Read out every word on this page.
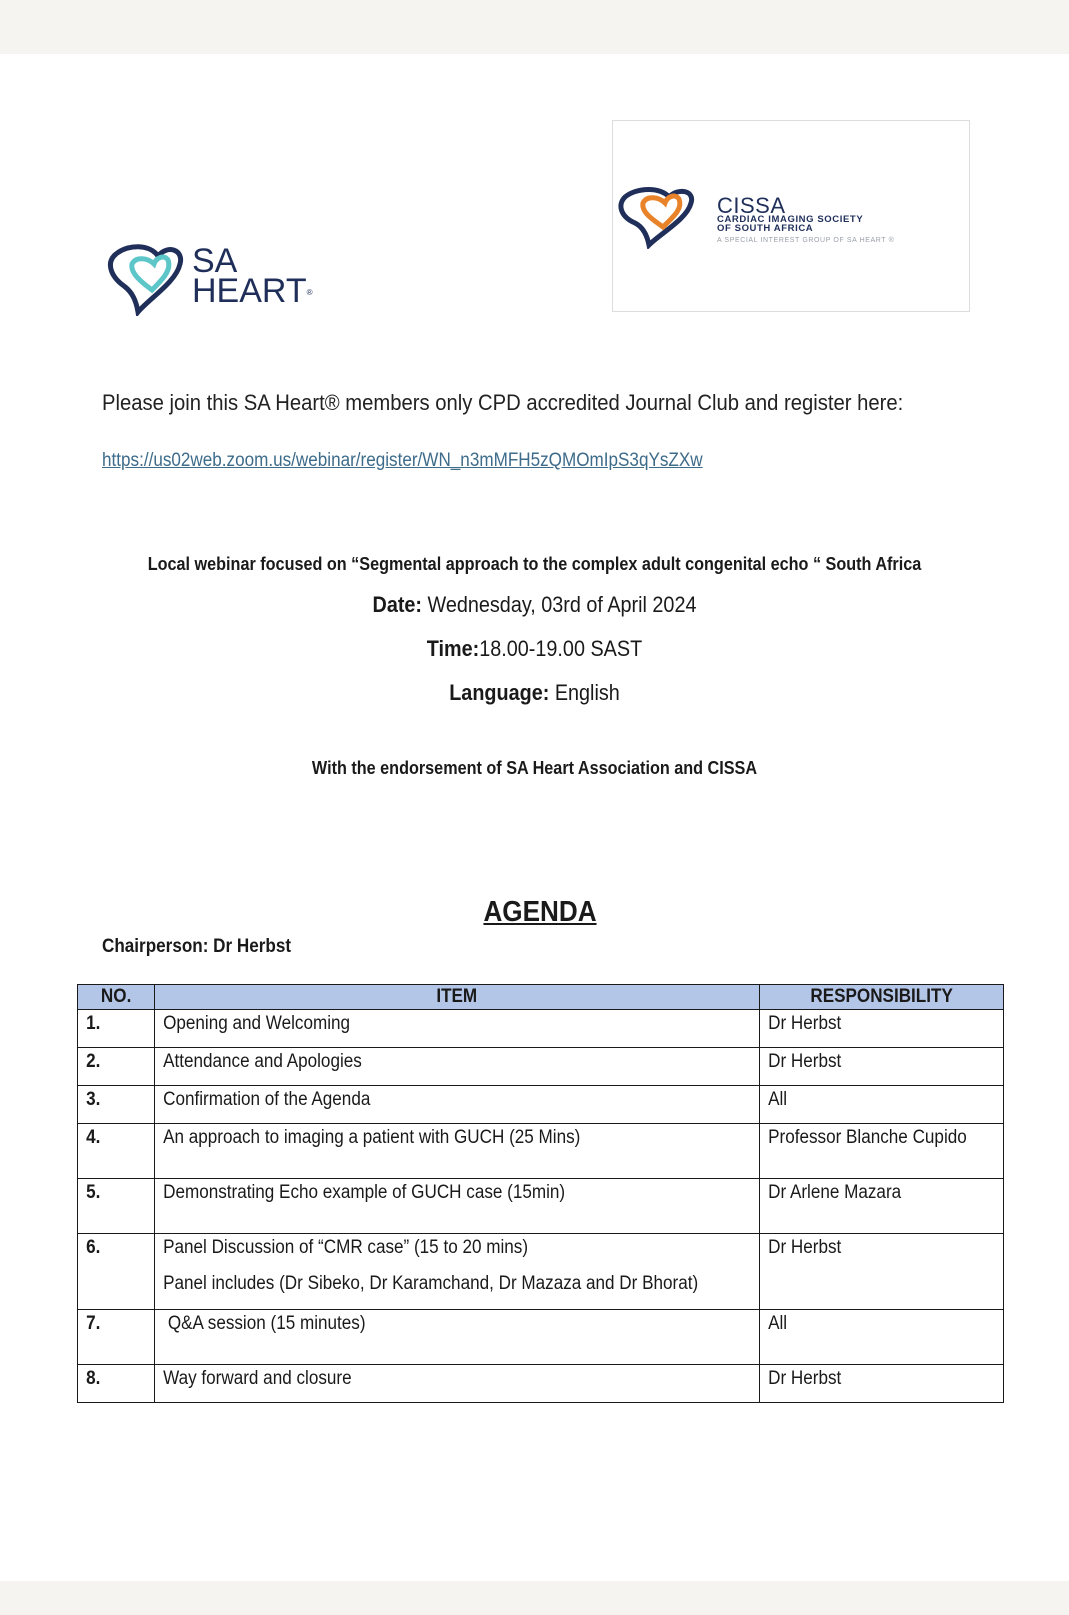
SA
HEART®
CISSA
CARDIAC IMAGING SOCIETY
OF SOUTH AFRICA
A SPECIAL INTEREST GROUP OF SA HEART ®
Please join this SA Heart® members only CPD accredited Journal Club and register here:
https://us02web.zoom.us/webinar/register/WN_n3mMFH5zQMOmIpS3qYsZXw
Local webinar focused on “Segmental approach to the complex adult congenital echo “ South Africa
Date: Wednesday, 03rd of April 2024
Time:18.00-19.00 SAST
Language: English
With the endorsement of SA Heart Association and CISSA
AGENDA
Chairperson: Dr Herbst
NO.	ITEM	RESPONSIBILITY

1.	Opening and Welcoming	Dr Herbst

2.	Attendance and Apologies	Dr Herbst

3.	Confirmation of the Agenda	All

4.	An approach to imaging a patient with GUCH (25 Mins)	Professor Blanche Cupido

5.	Demonstrating Echo example of GUCH case (15min)	Dr Arlene Mazara

6.	Panel Discussion of “CMR case” (15 to 20 mins)
Panel includes (Dr Sibeko, Dr Karamchand, Dr Mazaza and Dr Bhorat)	Dr Herbst

7.	Q&A session (15 minutes)	All

8.	Way forward and closure	Dr Herbst
